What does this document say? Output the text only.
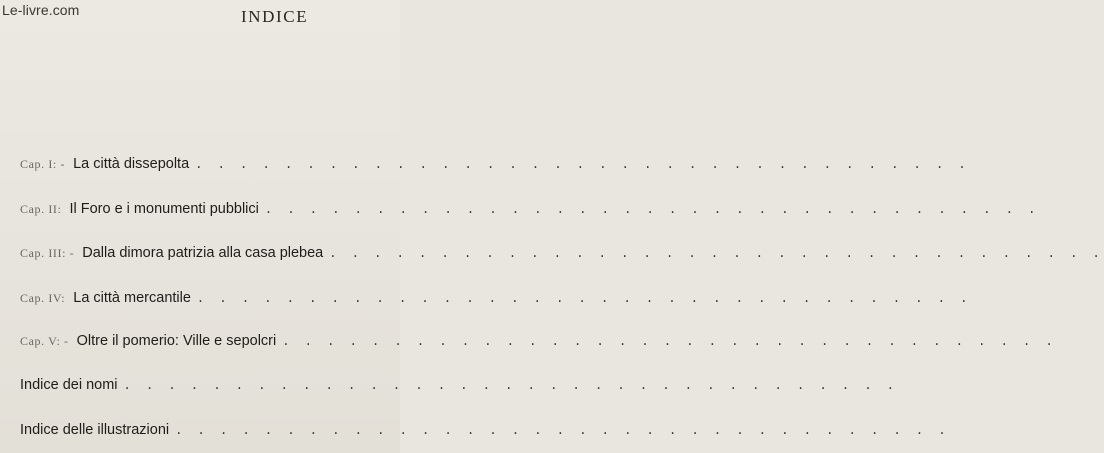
Le-livre.com	INDICE
Cap. I: - La città dissepolta . . . . . . . . . . . . . . . . . . . . . . . . . . . . . . . . . . .
Cap. II: Il Foro e i monumenti pubblici . . . . . . . . . . . . . . . . . . . . . . . . . . . . . . . . . . .
Cap. III: - Dalla dimora patrizia alla casa plebea . . . . . . . . . . . . . . . . . . . . . . . . . . . . . . . . . . .
Cap. IV: La città mercantile . . . . . . . . . . . . . . . . . . . . . . . . . . . . . . . . . . .
Cap. V: - Oltre il pomerio: Ville e sepolcri . . . . . . . . . . . . . . . . . . . . . . . . . . . . . . . . . . .
Indice dei nomi . . . . . . . . . . . . . . . . . . . . . . . . . . . . . . . . . . .
Indice delle illustrazioni . . . . . . . . . . . . . . . . . . . . . . . . . . . . . . . . . . .
